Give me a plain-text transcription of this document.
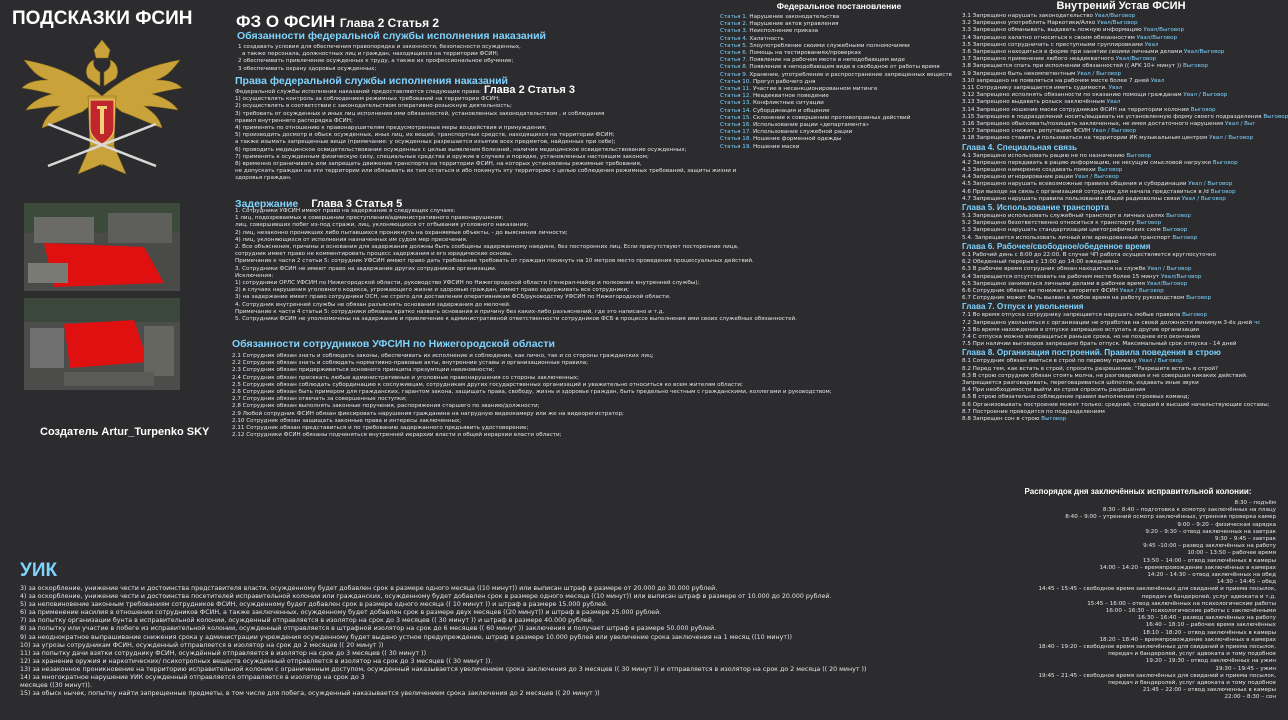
ПОДСКАЗКИ ФСИН
Создатель Artur_Turpenko SKY
ФЗ О ФСИН Глава 2 Статья 2
Обязанности федеральной службы исполнения наказаний
1 создавать условия для обеспечения правопорядка и законности, безопасности осужденных,
а также персонала, должностных лиц и граждан, находящихся на территории ФСИН;
2 обеспечивать привлечение осужденных к труду, а также их профессиональное обучение;
3 обеспечивать охрану здоровья осужденных;
Права федеральной службы исполнения наказаний
Глава 2 Статья 3
Федеральной службы исполнения наказаний предоставляются следующие права:
1) осуществлять контроль за соблюдением режимных требований на территории ФСИН;
2) осуществлять в соответствии с законодательством оперативно-розыскную деятельность;
3) требовать от осужденных и иных лиц исполнения ими обязанностей, установленных законодательством , и соблюдения
правил внутреннего распорядка ФСИН;
4) применять по отношению к правонарушителям предусмотренные меры воздействия и принуждения;
5) производить досмотр и обыск осужденных, иных лиц, их вещей, транспортных средств, находящихся на территории ФСИН;
а также изымать запрещенные вещи (примечание: у осужденных разрешается изъятие всех предметов, найденных при себе);
6) проводить медицинское освидетельствование осужденных с целью выявления болезней, наличия медицинское освидетельствование осужденных;
7) применять к осужденным физическую силу, специальные средства и оружие в случаях и порядке, установленных настоящим законом;
8) временно ограничивать или запрещать движение транспорта на территории ФСИН, на которых установлены режимные требования,
не допускать граждан на эти территории или обязывать их там остаться и ибо покинуть эту территорию с целью соблюдения режимных требований, защиты жизни и
здоровья граждан.
Задержание Глава 3 Статья 5
1. Сотрудники УФСИН имеют право на задержание в следующих случаях:
1 лиц, подозреваемых в совершении преступления/административного правонарушения;
лиц, совершивших побег из-под стражи, лиц, уклоняющихся от отбывания уголовного наказания;
2) лиц, незаконно проникших либо пытавшихся проникнуть на охраняемые объекты, - до выяснения личности;
4) лиц, уклоняющихся от исполнения назначенных им судом мер пресечения.
2. Все объяснения, причины и основания для задержания должны быть сообщены задержанному наедине, без посторонних лиц. Если присутствуют посторонние лица,
сотрудник имеет право не комментировать процесс задержания и его юридические основы.
Примечание к части 2 статьи 5: сотрудник УФСИН имеют право дать требование требовать от граждан покинуть на 10 метров место проведения процессуальных действий.
3. Сотрудники ФСИН не имеют право на задержание других сотрудников организации.
Исключения:
1) сотрудники ОРЛС УФСИН по Нижегородской области, руководство УФСИН по Нижегородской области (генерал-майор и полковник внутренней службы);
2) в случаях нарушения уголовного кодекса, угрожающего жизни и здоровью граждан, имеют право задерживать все сотрудники;
3) на задержание имеет право сотрудники ОСН, не строго для доставления оперативникам ФСБ/руководству УФСИН по Нижегородской области.
4. Сотрудник внутренней службы не обязан разъяснять основания задержания до мелочей.
Примечание к части 4 статьи 5: сотрудники обязаны кратко назвать основания и причину без каких-либо разъяснений, где это написано и т.д.
5. Сотрудники ФСИН не уполномочены на задержание и привлечение к административной ответственности сотрудников ФСБ в процессе выполнения ими своих служебных обязанностей.
Обязанности сотрудников УФСИН по Нижегородской области
2.1 Сотрудник обязан знать и соблюдать законы, обеспечивать их исполнение и соблюдение, как лично, так и со стороны гражданских лиц;
2.2 Сотрудник обязан знать и соблюдать нормативно-правовые акты, внутренние уставы и организационные правила;
2.3 Сотрудник обязан придерживаться основного принципа презумпции невиновности;
2.4 Сотрудник обязан пресекать любые административные и уголовные правонарушения со стороны заключенных;
2.5 Сотрудник обязан соблюдать субординацию к сослуживцам, сотрудникам других государственных организаций и уважительно относиться ко всем жителям области;
2.6 Сотрудник обязан быть примером для гражданских, гарантом закона, защищать права, свободу, жизнь и здоровье граждан, быть предельно честным с гражданскими, коллегами и руководством;
2.7 Сотрудник обязан отвечать за совершенные поступки;
2.8 Сотрудник обязан выполнять законные поручения, распоряжения старшего по званию/должности;
2.9 Любой сотрудник ФСИН обязан фиксировать нарушения гражданина на нагрудную видеокамеру или же на видеорегистратор;
2.10 Сотрудник обязан защищать законные права и интересы заключенных;
2.11 Сотрудник обязан представиться и по требованию задержанного предъявить удостоверение;
2.12 Сотрудники ФСИН обязаны подчиняться внутренней иерархии власти и общей иерархии власти области;
УИК
3) за оскорбление, унижение чести и достоинства представителя власти, осужденному будет добавлен срок в размере одного месяца ((10 минут)) или выписан штраф в размере от 20.000 до 30.000 рублей.
4) за оскорбление, унижение чести и достоинства посетителей исправительной колонии или гражданских, осужденному будет добавлен срок в размере одного месяца ((10 минут)) или выписан штраф в размере от 10.000 до 20.000 рублей.
5) за неповиновение законным требованиям сотрудников ФСИН, осужденному будет добавлен срок в размере одного месяца (( 10 минут )) и штраф в размере 15.000 рублей.
6) за применение насилия в отношении сотрудников ФСИН, а также заключенных, осужденному будет добавлен срок в размере двух месяцев ((20 минут)) и штраф в размере 25.000 рублей.
7) за попытку организации бунта в исправительной колонии, осужденный отправляется в изолятор на срок до 3 месяцев (( 30 минут )) и штраф в размере 40.000 рублей.
8) за попытку или участие в побеге из исправительной колонии, осужденный отправляется в штрафной изолятор на срок до 6 месяцев (( 60 минут )) заключения и получает штраф в размере 50.000 рублей.
9) за неоднократное выпрашивание снижения срока у администрации учреждения осужденному будет выдано устное предупреждение, штраф в размере 10.000 рублей или увеличение срока заключения на 1 месяц ((10 минут))
10) за угрозы сотрудникам ФСИН, осужденный отправляется в изолятор на срок до 2 месяцев (( 20 минут ))
11) за попытку дачи взятки сотруднику ФСИН, осуждённый отправляется в изолятор на срок до 3 месяцев (( 30 минут ))
12) за хранение оружия и наркотических/ психотропных веществ осужденный отправляется в изолятор на срок до 3 месяцев (( 30 минут )).
13) за незаконное проникновение на территорию исправительной колонии с ограниченным доступом, осужденный наказывается увеличением срока заключения до 3 месяцев (( 30 минут )) и отправляется в изолятор на срок до 2 месяца (( 20 минут ))
14) за многократное нарушение УИК осужденный отправляется отправляется в изолятор на срок до 3
месяцев ((30 минут)).
15) за обыск нычек, попытку найти запрещенные предметы, в том числе для побега, осужденный наказывается увеличением срока заключения до 2 месяцев (( 20 минут ))
Федеральное постановление
Статья 1. Нарушение законодательства
Статья 2. Нарушение актов управления
Статья 3. Неисполнение приказа
Статья 4. Халатность
Статья 5. Злоупотребление своими служебными полномочиями
Статья 6. Помощь на тестированиях/проверках
Статья 7. Появление на рабочем месте в неподобающем виде
Статья 8. Появление в неподобающем виде в свободное от работы время
Статья 9. Хранение, употребление и распространение запрещенных веществ
Статья 10. Прогул рабочего дня
Статья 11. Участие в несанкционированном митинге
Статья 12. Неадекватное поведение
Статья 13. Конфликтные ситуации
Статья 14. Субординация и общение
Статья 15. Склонение к совершению противоправных действий
Статья 16. Использование рации «департамента»
Статья 17. Использование служебной рации
Статья 18. Ношение форменной одежды
Статья 19. Ношение маски
Внутрений Устав ФСИН
3.1 Запрещено нарушать законодательство Увал/Выговор
3.2 Запрещено употреблять Наркотики/Алко Увал/Выговор
3.3 Запрещено обманывать, выдавать ложную информацию Увал/Выговор
3.4 Запрещено халатно относиться к своим обязанностям Увал/Выговор
3.5 Запрещено сотрудничать с преступными группировками Увал
3.6 Запрещено находиться в форме при занятии своими личными делами Увал/Выговор
3.7 Запрещено применение любого неадекватного Увал/Выговор
3.8 Запрещается спать при исполнении обязанностей (( AFK 10+ минут )) Выговор
3.9 Запрещено быть некомпетентным Увал / Выговор
3.10 запрещено не появляться на рабочем месте более 7 дней Увал
3.11 Сотруднику запрещается иметь судимости. Увал
3.12 Запрещено исполнять обязанности по оказанию помощи гражданам Увал / Выговор
3.13 Запрещено выдавать розыск заключённым Увал
3.14 Запрещено ношение маски сотрудникам ФСИН на территории колонии Выговор
3.15 Запрещено в подразделений носить/выдавать не установленную форму своего подразделения Выговор
3.16 Запрещено обыскивать/похищать заключенных, не имея достаточного нарушения Увал / Выг
3.17 Запрещено снижать репутацию ФСИН Увал / Выговор
3.18 Запрещено ставить и пользоваться на территории ИК музыкальным центром Увал / Выговор
Глава 4. Специальная связь
4.1 Запрещено использовать рацию не по назначению Выговор
4.2 Запрещено передавать в рацию информацию, не несущую смысловой нагрузки Выговор
4.3 Запрещено намеренно создавать помехи Выговор
4.4 Запрещено игнорирование рации Увал / Выговор
4.5 Запрещено нарушать всевозможные правила общения и субординации Увал / Выговор
4.6 При выходе на связь с организацией сотрудник для начала представиться в /d Выговор
4.7 Запрещено нарушать правила пользования общей радиоволны связи Увал / Выговор
Глава 5. Использование транспорта
5.1 Запрещено использовать служебный транспорт в личных целях Выговор
5.2 Запрещено безответственно относиться к транспорту Выговор
5.3 Запрещено нарушать стандартизации цветографических схем Выговор
5.4. Запрещается использовать личный или арендованный транспорт Выговор
Глава 6. Рабочее/свободное/обеденное время
6.1 Рабочий день с 8:00 до 22:00. В случае ЧП работа осуществляется круглосуточно
6.2 Обеденный перерыв с 13:00 до 14:00 ежедневно
6.3 В рабочее время сотрудник обязан находиться на службе Увал / Выговор
6.4 Запрещается отсутствовать на рабочем месте более 15 минут Увал/Выговор
6.5 Запрещено заниматься личными делами в рабочее время Увал/Выговор
6.6 Сотрудник обязан не понижать авторитет ФСИН Увал / Выговор
6.7 Сотрудник может быть вызван в любое время на работу руководством Выговор
Глава 7. Отпуск и увольнения
7.1 Во время отпуска сотруднику запрещается нарушать любые правила Выговор
7.2 Запрещено увольняться с организации не отработав на своей должности минимум 3-ёх дней чс
7.3 Во время нахождения в отпуске запрещено вступать в другие организации
7.4 С отпуска можно возвращаться раньше срока, но не позднее его окончания
7.5 При наличии выговоров запрещено брать отпуск. Максимальный срок отпуска - 14 дней
Глава 8. Организация построений. Правила поведения в строю
8.1 Сотрудник обязан явиться в строй по первому приказу Увал / Выговор
8.2 Перед тем, как встать в строй, спросить разрешение: "Разрешите встать в строй?
8.3 В строю сотрудник обязан стоять молча, не разговаривая и не совершая никаких действий.
Запрещается разговаривать, переговариваться шёпотом, издавать иные звуки
8.4 При необходимости выйти из строя спросить разрешения
8.5 В строю обязательно соблюдение правил выполнения строевых команд;
8.6 Организовывать построение может только: средний, старший и высший начальствующие составы;
8.7 Построение проводится по подразделениям
8.8 Запрещен сон в строю Выговор
Распорядок дня заключённых исправительной колонии:
8:30 – подъём
8:30 – 8:40 – подготовка к осмотру заключённых на плацу
8:40 – 9:00 – утренний осмотр заключённых, утренняя проверка камер
9:00 – 9:20 – физическая зарядка
9:20 – 9:30 – отвод заключенных на завтрак
9:30 – 9:45 – завтрак
9:45 –10:00 – развод заключённых на работу
10:00 – 13:50 – рабочее время
13:50 – 14:00 – отвод заключённых в камеры
14:00 – 14:20 – времяпровождение заключённых в камерах
14:20 – 14:30 – отвод заключённых на обед
14:30 – 14:45 – обед
14:45 – 15:45 – свободное время заключённых для свиданий и приема посылок,
передач и бандеролей, услуг адвоката и т.д.
15:45 – 16:00 – отвод заключённых на психологические работы
16:00 – 16:30 – психологические работы с заключёнными
16:30 – 16:40 – развод заключённых на работу
16:40 – 18:10 – рабочее время заключённых
18:10 – 18:20 – отвод заключённых в камеры
18:20 – 18:40 – времяпровождение заключённых в камерах
18:40 – 19:20 – свободное время заключённых для свиданий и приема посылок,
передач и бандеролей, услуг адвоката и тому подобное
19:20 – 19:30 – отвод заключённых на ужин
19:30 – 19:45 – ужин
19:45 – 21:45 – свободное время заключённых для свиданий и приема посылок,
передач и бандеролей, услуг адвоката и тому подобное
21:45 – 22:00 – отвод заключенных в камеры
22:00 – 8:30 – сон
